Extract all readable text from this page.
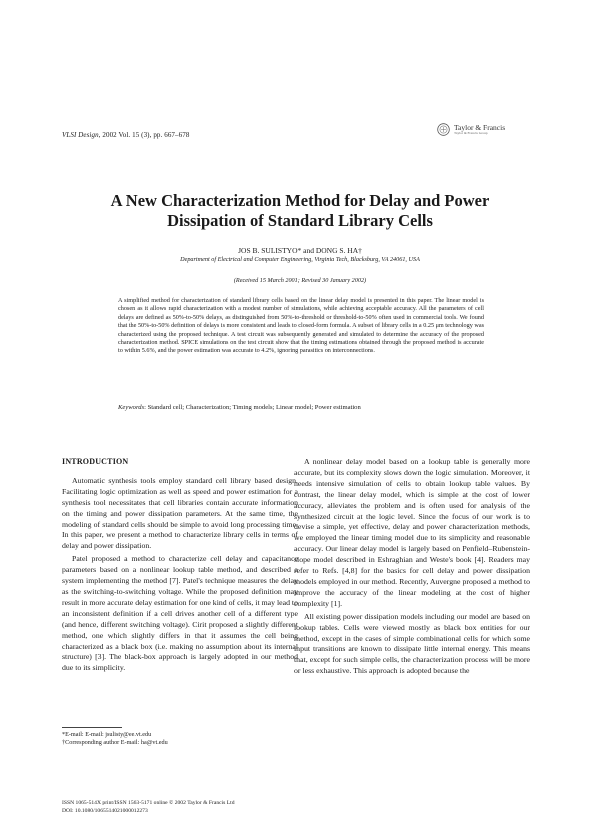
VLSI Design, 2002 Vol. 15 (3), pp. 667–678
Taylor & Francis
Taylor & Francis Group
A New Characterization Method for Delay and Power
Dissipation of Standard Library Cells
JOS B. SULISTYO* and DONG S. HA†
Department of Electrical and Computer Engineering, Virginia Tech, Blacksburg, VA 24061, USA
(Received 15 March 2001; Revised 30 January 2002)

A simplified method for characterization of standard library cells based on the linear delay model is presented in this paper. The linear model is chosen as it allows rapid characterization with a modest number of simulations, while achieving acceptable accuracy. All the parameters of cell delays are defined as 50%-to-50% delays, as distinguished from 50%-to-threshold or threshold-to-50% often used in commercial tools. We found that the 50%-to-50% definition of delays is more consistent and leads to closed-form formula. A subset of library cells in a 0.25 μm technology was characterized using the proposed technique. A test circuit was subsequently generated and simulated to determine the accuracy of the proposed characterization method. SPICE simulations on the test circuit show that the timing estimations obtained through the proposed method is accurate to within 5.6%, and the power estimation was accurate to 4.2%, ignoring parasitics on interconnections.

Keywords: Standard cell; Characterization; Timing models; Linear model; Power estimation

INTRODUCTION

Automatic synthesis tools employ standard cell library based design. Facilitating logic optimization as well as speed and power estimation for a synthesis tool necessitates that cell libraries contain accurate information on the timing and power dissipation parameters. At the same time, the modeling of standard cells should be simple to avoid long processing time. In this paper, we present a method to characterize library cells in terms of delay and power dissipation.

Patel proposed a method to characterize cell delay and capacitance parameters based on a nonlinear lookup table method, and described a system implementing the method [7]. Patel's technique measures the delay as the switching-to-switching voltage. While the proposed definition may result in more accurate delay estimation for one kind of cells, it may lead to an inconsistent definition if a cell drives another cell of a different type (and hence, different switching voltage). Cirit proposed a slightly different method, one which slightly differs in that it assumes the cell being characterized as a black box (i.e. making no assumption about its internal structure) [3]. The black-box approach is largely adopted in our method due to its simplicity.

A nonlinear delay model based on a lookup table is generally more accurate, but its complexity slows down the logic simulation. Moreover, it needs intensive simulation of cells to obtain lookup table values. By contrast, the linear delay model, which is simple at the cost of lower accuracy, alleviates the problem and is often used for analysis of the synthesized circuit at the logic level. Since the focus of our work is to devise a simple, yet effective, delay and power characterization methods, we employed the linear timing model due to its simplicity and reasonable accuracy. Our linear delay model is largely based on Penfield–Rubenstein-slope model described in Eshraghian and Weste's book [4]. Readers may refer to Refs. [4,8] for the basics for cell delay and power dissipation models employed in our method. Recently, Auvergne proposed a method to improve the accuracy of the linear modeling at the cost of higher complexity [1].

All existing power dissipation models including our model are based on lookup tables. Cells were viewed mostly as black box entities for our method, except in the cases of simple combinational cells for which some input transitions are known to dissipate little internal energy. This means that, except for such simple cells, the characterization process will be more or less exhaustive. This approach is adopted because the

*E-mail: E-mail: jsulisty@ee.vt.edu
†Corresponding author E-mail: ha@vt.edu
ISSN 1065-514X print/ISSN 1563-5171 online © 2002 Taylor & Francis Ltd
DOI: 10.1080/1065514021000012273
